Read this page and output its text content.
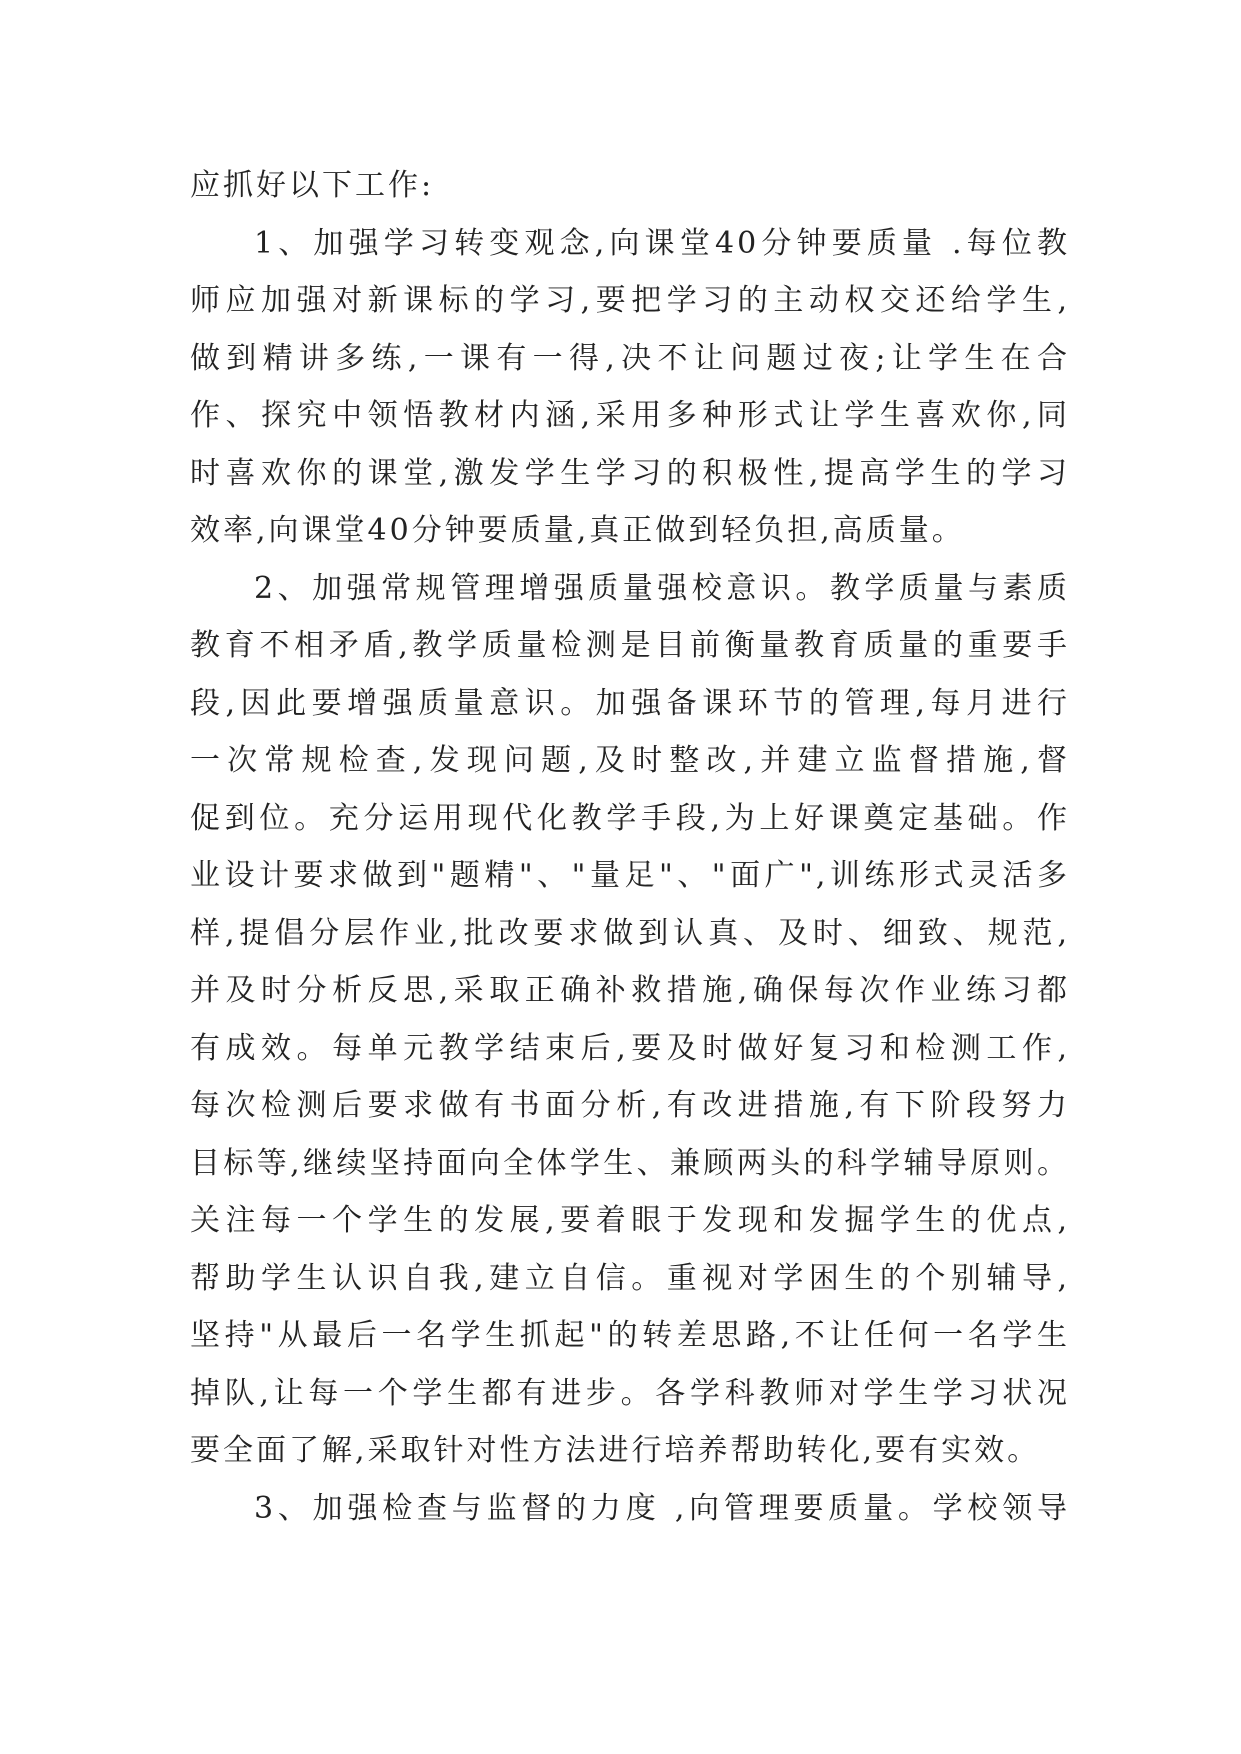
应抓好以下工作:
1、加强学习转变观念,向课堂40分钟要质量 .每位教
师应加强对新课标的学习,要把学习的主动权交还给学生,
做到精讲多练,一课有一得,决不让问题过夜;让学生在合
作、探究中领悟教材内涵,采用多种形式让学生喜欢你,同
时喜欢你的课堂,激发学生学习的积极性,提高学生的学习
效率,向课堂40分钟要质量,真正做到轻负担,高质量。
2、加强常规管理增强质量强校意识。教学质量与素质
教育不相矛盾,教学质量检测是目前衡量教育质量的重要手
段,因此要增强质量意识。加强备课环节的管理,每月进行
一次常规检查,发现问题,及时整改,并建立监督措施,督
促到位。充分运用现代化教学手段,为上好课奠定基础。作
业设计要求做到"题精"、"量足"、"面广",训练形式灵活多
样,提倡分层作业,批改要求做到认真、及时、细致、规范,
并及时分析反思,采取正确补救措施,确保每次作业练习都
有成效。每单元教学结束后,要及时做好复习和检测工作,
每次检测后要求做有书面分析,有改进措施,有下阶段努力
目标等,继续坚持面向全体学生、兼顾两头的科学辅导原则。
关注每一个学生的发展,要着眼于发现和发掘学生的优点,
帮助学生认识自我,建立自信。重视对学困生的个别辅导,
坚持"从最后一名学生抓起"的转差思路,不让任何一名学生
掉队,让每一个学生都有进步。各学科教师对学生学习状况
要全面了解,采取针对性方法进行培养帮助转化,要有实效。
3、加强检查与监督的力度 ,向管理要质量。学校领导
